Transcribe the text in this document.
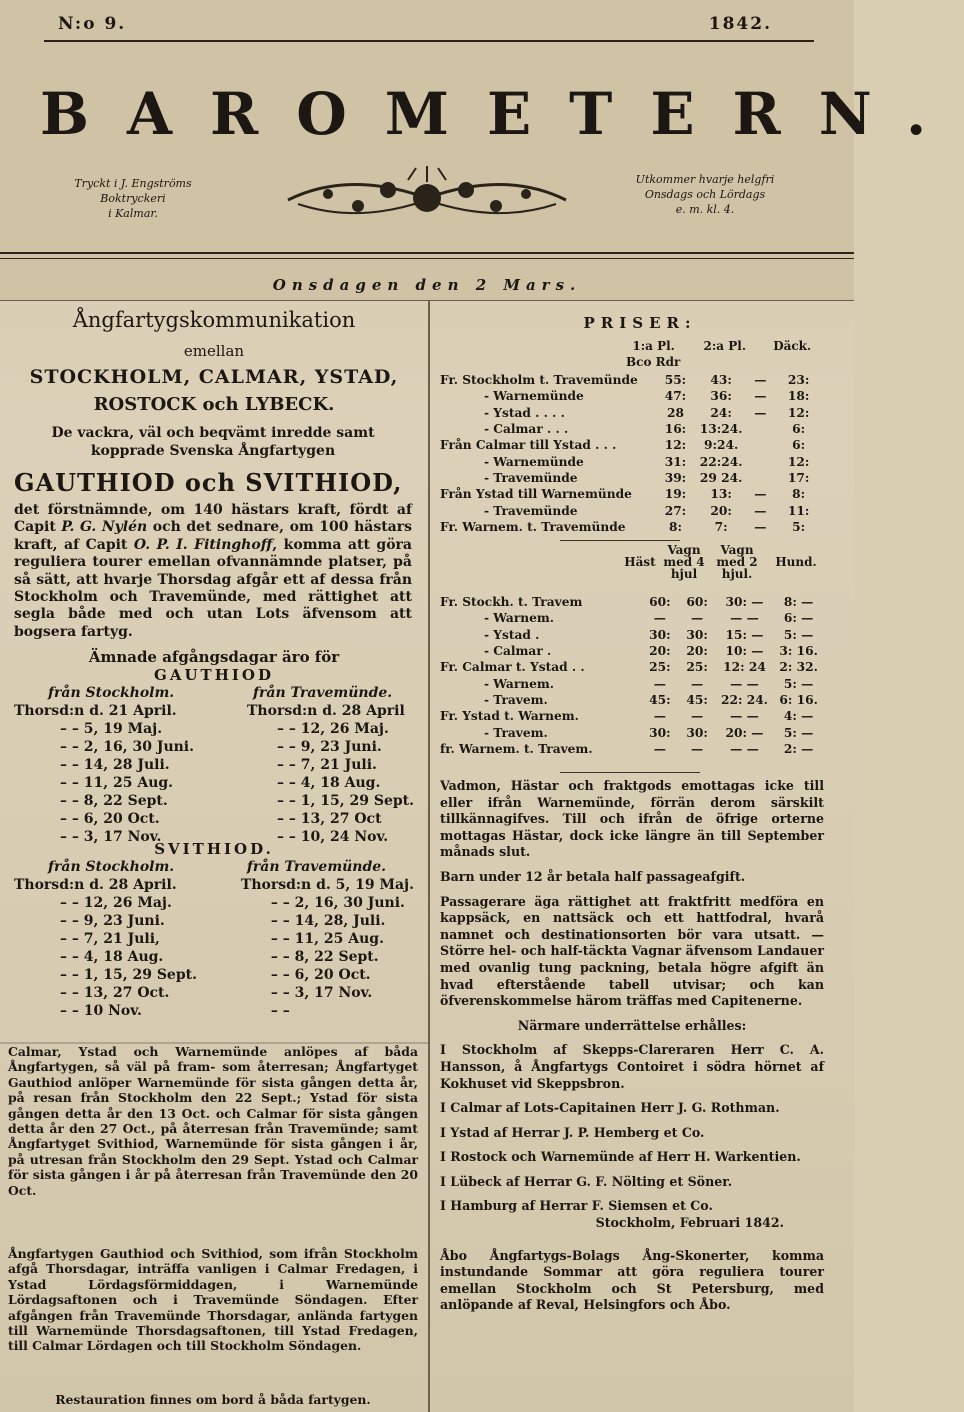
N:o 9.	1842.
BAROMETERN.
Tryckt i J. Engströms
Boktryckeri
i Kalmar.
Utkommer hvarje helgfri
Onsdags och Lördags
e. m. kl. 4.
Onsdagen den 2 Mars.
Ångfartygskommunikation
emellan
STOCKHOLM, CALMAR, YSTAD,
ROSTOCK och LYBECK.
De vackra, väl och beqvämt inredde samt kopprade Svenska Ångfartygen
GAUTHIOD och SVITHIOD,
det förstnämnde, om 140 hästars kraft, fördt af Capit P. G. Nylén och det sednare, om 100 hästars kraft, af Capit O. P. I. Fitinghoff, komma att göra reguliera tourer emellan ofvannämnde platser, på så sätt, att hvarje Thorsdag afgår ett af dessa från Stockholm och Travemünde, med rättighet att segla både med och utan Lots äfvensom att bogsera fartyg.
Ämnade afgångsdagar äro för
GAUTHIOD
från Stockholm.	från Travemünde.
Thorsd:n d. 21 April.	Thorsd:n d. 28 April
– – 5, 19 Maj.	– – 12, 26 Maj.
– – 2, 16, 30 Juni.	– – 9, 23 Juni.
– – 14, 28 Juli.	– – 7, 21 Juli.
– – 11, 25 Aug.	– – 4, 18 Aug.
– – 8, 22 Sept.	– – 1, 15, 29 Sept.
– – 6, 20 Oct.	– – 13, 27 Oct
– – 3, 17 Nov.	– – 10, 24 Nov.
SVITHIOD.
från Stockholm.	från Travemünde.
Thorsd:n d. 28 April.	Thorsd:n d. 5, 19 Maj.
– – 12, 26 Maj.	– – 2, 16, 30 Juni.
– – 9, 23 Juni.	– – 14, 28, Juli.
– – 7, 21 Juli,	– – 11, 25 Aug.
– – 4, 18 Aug.	– – 8, 22 Sept.
– – 1, 15, 29 Sept.	– – 6, 20 Oct.
– – 13, 27 Oct.	– – 3, 17 Nov.
– – 10 Nov.	– –
Calmar, Ystad och Warnemünde anlöpes af båda Ångfartygen, så väl på fram- som återresan; Ångfartyget Gauthiod anlöper Warnemünde för sista gången detta år, på resan från Stockholm den 22 Sept.; Ystad för sista gången detta år den 13 Oct. och Calmar för sista gången detta år den 27 Oct., på återresan från Travemünde; samt Ångfartyget Svithiod, Warnemünde för sista gången i år, på utresan från Stockholm den 29 Sept. Ystad och Calmar för sista gången i år på återresan från Travemünde den 20 Oct.
Ångfartygen Gauthiod och Svithiod, som ifrån Stockholm afgå Thorsdagar, inträffa vanligen i Calmar Fredagen, i Ystad Lördagsförmiddagen, i Warnemünde Lördagsaftonen och i Travemünde Söndagen. Efter afgången från Travemünde Thorsdagar, anlända fartygen till Warnemünde Thorsdagsaftonen, till Ystad Fredagen, till Calmar Lördagen och till Stockholm Söndagen.
Restauration finnes om bord å båda fartygen.
PRISER:
	1:a Pl.	2:a Pl.	Däck.
	Bco Rdr		
Fr. Stockholm t. Travemünde	55:	43:	—	23:
- Warnemünde	47:	36:	—	18:
- Ystad . . . .	28	24:	—	12:
- Calmar . . .	16:	13:24.		6:
Från Calmar till Ystad . . .	12:	9:24.		6:
- Warnemünde	31:	22:24.		12:
- Travemünde	39:	29 24.		17:
Från Ystad till Warnemünde	19:	13:	—	8:
- Travemünde	27:	20:	—	11:
Fr. Warnem. t. Travemünde	8:	7:	—	5:
	Häst	Vagn med 4 hjul	Vagn med 2 hjul.	Hund.
Fr. Stockh. t. Travem	60:	60:	30: —	8: —
- Warnem.	—	—	— —	6: —
- Ystad .	30:	30:	15: —	5: —
- Calmar .	20:	20:	10: —	3: 16.
Fr. Calmar t. Ystad . .	25:	25:	12: 24	2: 32.
- Warnem.	—	—	— —	5: —
- Travem.	45:	45:	22: 24.	6: 16.
Fr. Ystad t. Warnem.	—	—	— —	4: —
- Travem.	30:	30:	20: —	5: —
fr. Warnem. t. Travem.	—	—	— —	2: —

Vadmon, Hästar och fraktgods emottagas icke till eller ifrån Warnemünde, förrän derom särskilt tillkännagifves. Till och ifrån de öfrige orterne mottagas Hästar, dock icke längre än till September månads slut.

Barn under 12 år betala half passageafgift.

Passagerare äga rättighet att fraktfritt medföra en kappsäck, en nattsäck och ett hattfodral, hvarå namnet och destinationsorten bör vara utsatt. — Större hel- och half-täckta Vagnar äfvensom Landauer med ovanlig tung packning, betala högre afgift än hvad efterstående tabell utvisar; och kan öfverenskommelse härom träffas med Capitenerne.

Närmare underrättelse erhålles:

I Stockholm af Skepps-Clareraren Herr C. A. Hansson, å Ångfartygs Contoiret i södra hörnet af Kokhuset vid Skeppsbron.

I Calmar af Lots-Capitainen Herr J. G. Rothman.

I Ystad af Herrar J. P. Hemberg et Co.

I Rostock och Warnemünde af Herr H. Warkentien.

I Lübeck af Herrar G. F. Nölting et Söner.

I Hamburg af Herrar F. Siemsen et Co.

Stockholm, Februari 1842.

Åbo Ångfartygs-Bolags Ång-Skonerter, komma instundande Sommar att göra reguliera tourer emellan Stockholm och St Petersburg, med anlöpande af Reval, Helsingfors och Åbo.
